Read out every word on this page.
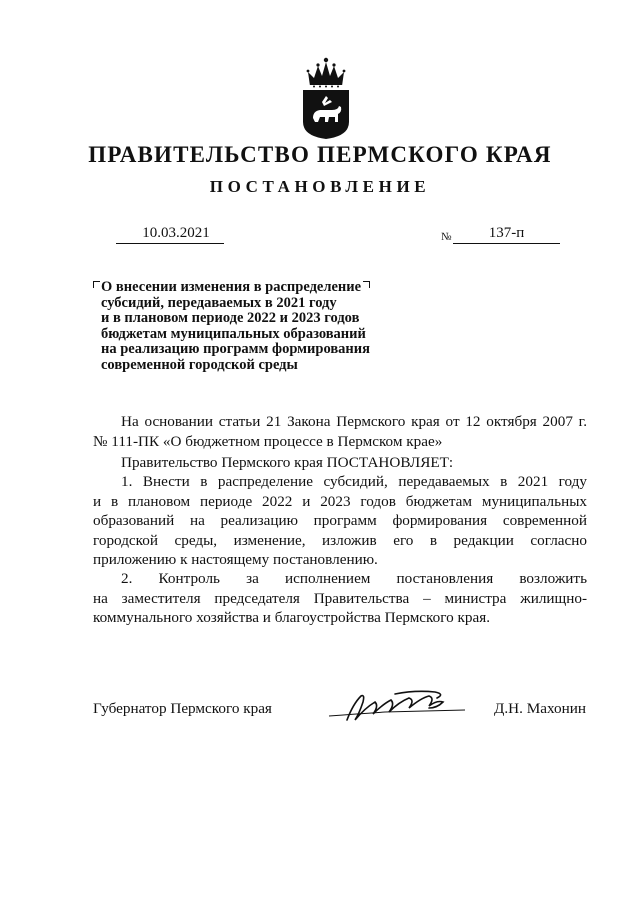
ПРАВИТЕЛЬСТВО ПЕРМСКОГО КРАЯ
ПОСТАНОВЛЕНИЕ
10.03.2021	№	137-п
О внесении изменения в распределение
субсидий, передаваемых в 2021 году
и в плановом периоде 2022 и 2023 годов
бюджетам муниципальных образований
на реализацию программ формирования
современной городской среды
На основании статьи 21 Закона Пермского края от 12 октября 2007 г.
№ 111-ПК «О бюджетном процессе в Пермском крае»
Правительство Пермского края ПОСТАНОВЛЯЕТ:
1. Внести в распределение субсидий, передаваемых в 2021 году
и в плановом периоде 2022 и 2023 годов бюджетам муниципальных
образований на реализацию программ формирования современной
городской среды, изменение, изложив его в редакции согласно
приложению к настоящему постановлению.
2. Контроль за исполнением постановления возложить
на заместителя председателя Правительства – министра жилищно-
коммунального хозяйства и благоустройства Пермского края.
Губернатор Пермского края	Д.Н. Махонин
